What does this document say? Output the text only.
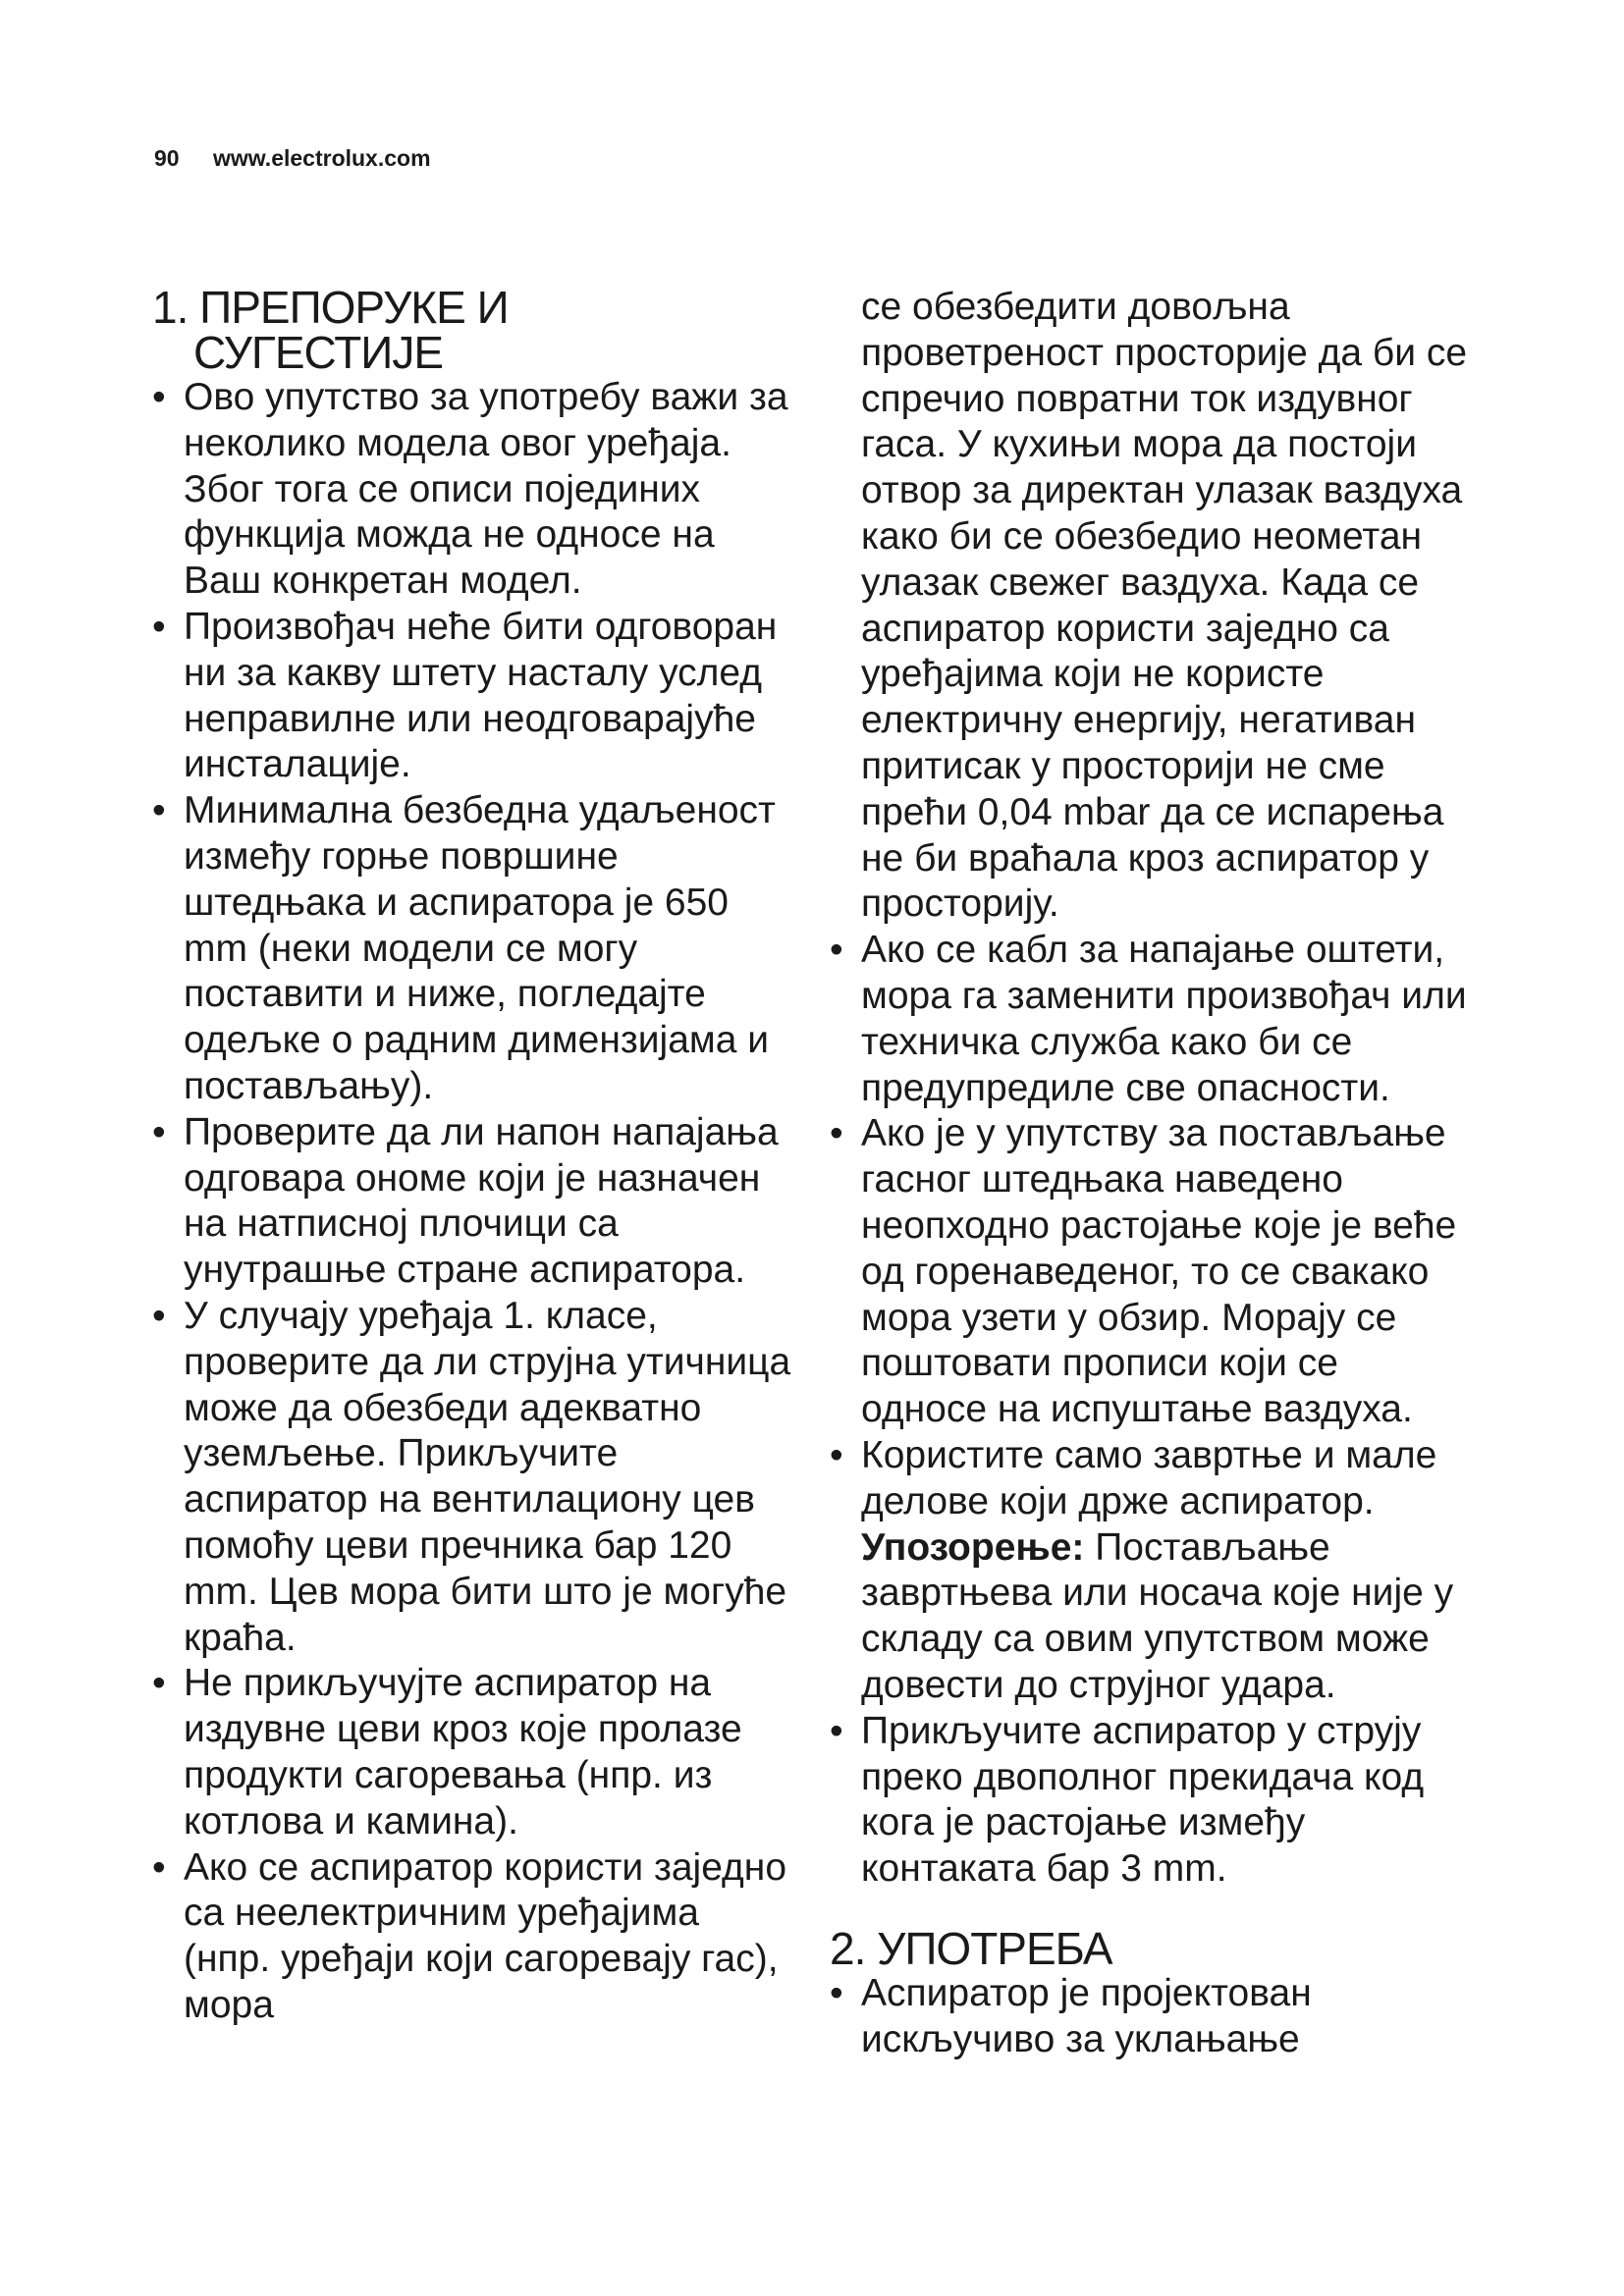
90 www.electrolux.com
1. ПРЕПОРУКЕ И
СУГЕСТИЈЕ
• Ово упутство за употребу важи за неколико модела овог уређаја. Због тога се описи појединих функција можда не односе на Ваш конкретан модел.
• Произвођач неће бити одговоран ни за какву штету насталу услед неправилне или неодговарајуће инсталације.
• Минимална безбедна удаљеност између горње површине штедњака и аспиратора је 650 mm (неки модели се могу поставити и ниже, погледајте одељке о радним димензијама и постављању).
• Проверите да ли напон напајања одговара ономе који је назначен на натписној плочици са унутрашње стране аспиратора.
• У случају уређаја 1. класе, проверите да ли струјна утичница може да обезбеди адекватно уземљење. Прикључите аспиратор на вентилациону цев помоћу цеви пречника бар 120 mm. Цев мора бити што је могуће краћа.
• Не прикључујте аспиратор на издувне цеви кроз које пролазе продукти сагоревања (нпр. из котлова и камина).
• Ако се аспиратор користи заједно са неелектричним уређајима (нпр. уређаји који сагоревају гас), мора
се обезбедити довољна проветреност просторије да би се спречио повратни ток издувног гаса. У кухињи мора да постоји отвор за директан улазак ваздуха како би се обезбедио неометан улазак свежег ваздуха. Када се аспиратор користи заједно са уређајима који не користе електричну енергију, негативан притисак у просторији не сме прећи 0,04 mbar да се испарења не би враћала кроз аспиратор у просторију.
• Ако се кабл за напајање оштети, мора га заменити произвођач или техничка служба како би се предупредиле све опасности.
• Ако је у упутству за постављање гасног штедњака наведено неопходно растојање које је веће од горенаведеног, то се свакако мора узети у обзир. Морају се поштовати прописи који се односе на испуштање ваздуха.
• Користите само завртње и мале делове који држе аспиратор.
Упозорење: Постављање завртњева или носача које није у складу са овим упутством може довести до струјног удара.
• Прикључите аспиратор у струју преко двополног прекидача код кога је растојање између контаката бар 3 mm.
2. УПОТРЕБА
• Аспиратор је пројектован искључиво за уклањање
